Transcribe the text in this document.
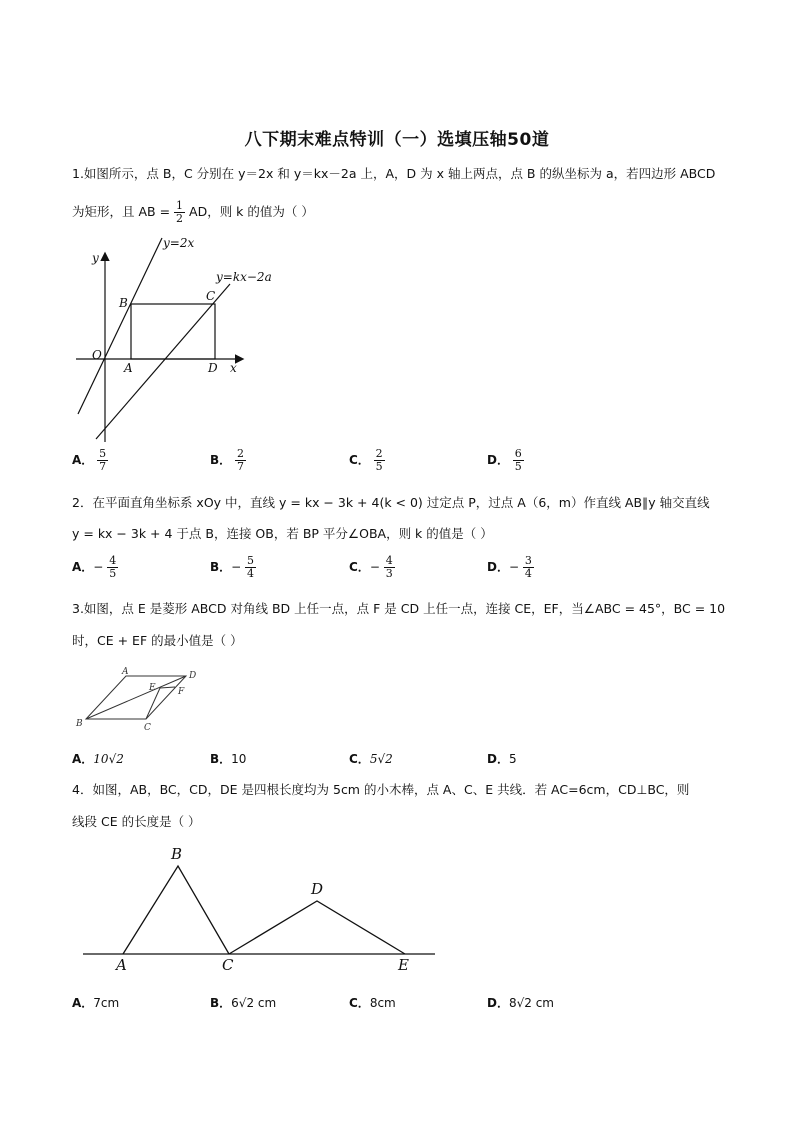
八下期末难点特训（一）选填压轴50道
1.如图所示，点 B，C 分别在 y＝2x 和 y＝kx－2a 上，A，D 为 x 轴上两点，点 B 的纵坐标为 a，若四边形 ABCD
为矩形，且 AB = $\frac{1}{2}$ AD，则 k 的值为（ ）
y=2x
y=kx−2a
y
x
O
A
B	C
D
A． $\frac{5}{7}$	B． $\frac{2}{7}$	C． $\frac{2}{5}$	D． $\frac{6}{5}$
2．在平面直角坐标系 xOy 中，直线 y = kx − 3k + 4(k < 0) 过定点 P，过点 A（6，m）作直线 AB∥y 轴交直线
y = kx − 3k + 4 于点 B，连接 OB，若 BP 平分∠OBA，则 k 的值是（ ）
A．− $\frac{4}{5}$	B．− $\frac{5}{4}$	C．− $\frac{4}{3}$	D．− $\frac{3}{4}$
3.如图，点 E 是菱形 ABCD 对角线 BD 上任一点，点 F 是 CD 上任一点，连接 CE，EF，当∠ABC = 45°，BC = 10
时，CE + EF 的最小值是（ ）
A
B	C
D
E F
A．10√2	B．10	C．5√2	D．5
4．如图，AB，BC，CD，DE 是四根长度均为 5cm 的小木棒，点 A、C、E 共线．若 AC=6cm，CD⊥BC，则
线段 CE 的长度是（ ）
A
B
C
D
E
A．7cm	B．6√2 cm	C．8cm	D．8√2 cm
